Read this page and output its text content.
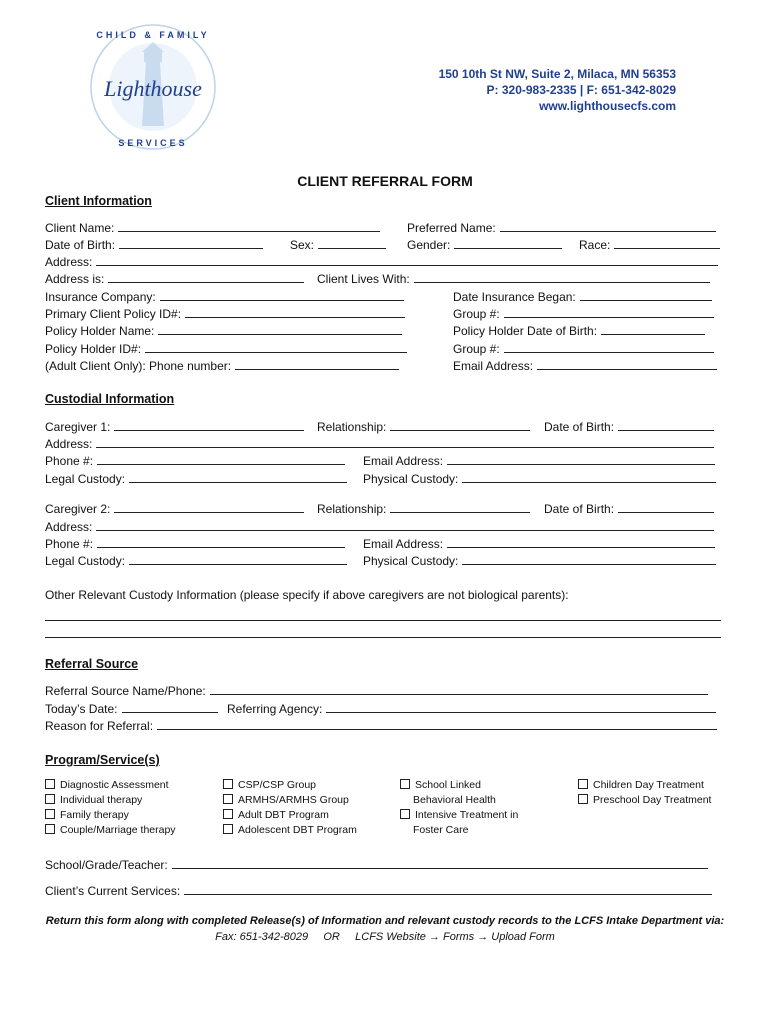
CHILD & FAMILY
Lighthouse
SERVICES
150 10th St NW, Suite 2, Milaca, MN 56353
P: 320-983-2335 | F: 651-342-8029
www.lighthousecfs.com
CLIENT REFERRAL FORM
Client Information
Client Name:	Preferred Name:
Date of Birth:	Sex:	Gender:	Race:
Address:
Address is:	Client Lives With:
Insurance Company:	Date Insurance Began:
Primary Client Policy ID#:	Group #:
Policy Holder Name:	Policy Holder Date of Birth:
Policy Holder ID#:	Group #:
(Adult Client Only): Phone number:	Email Address:
Custodial Information
Caregiver 1:	Relationship:	Date of Birth:
Address:
Phone #:	Email Address:
Legal Custody:	Physical Custody:
Caregiver 2:	Relationship:	Date of Birth:
Address:
Phone #:	Email Address:
Legal Custody:	Physical Custody:
Other Relevant Custody Information (please specify if above caregivers are not biological parents):
Referral Source
Referral Source Name/Phone:
Today’s Date:	Referring Agency:
Reason for Referral:
Program/Service(s)
Diagnostic Assessment
Individual therapy
Family therapy
Couple/Marriage therapy
CSP/CSP Group
ARMHS/ARMHS Group
Adult DBT Program
Adolescent DBT Program
School Linked
Behavioral Health
Intensive Treatment in
Foster Care
Children Day Treatment
Preschool Day Treatment
School/Grade/Teacher:
Client’s Current Services:
Return this form along with completed Release(s) of Information and relevant custody records to the LCFS Intake Department via:
Fax: 651-342-8029     OR     LCFS Website → Forms → Upload Form
